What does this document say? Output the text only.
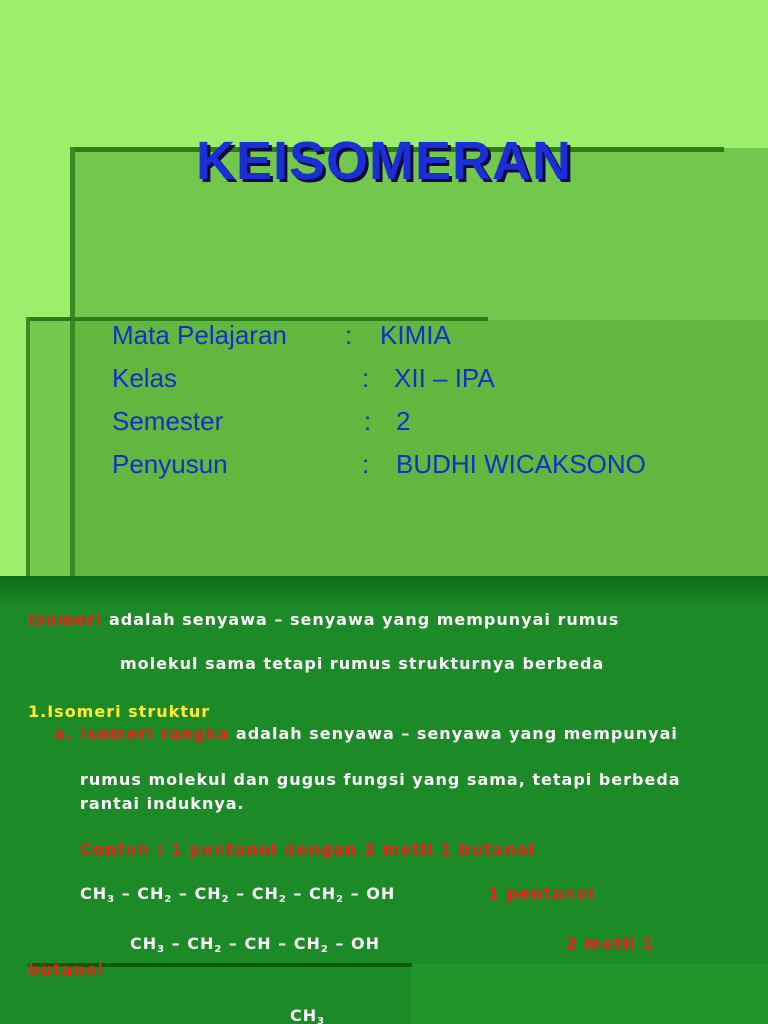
KEISOMERAN
Mata Pelajaran : KIMIA
Kelas	: XII – IPA
Semester	: 2
Penyusun	: BUDHI WICAKSONO
Isomeri adalah senyawa – senyawa yang mempunyai rumus
molekul sama tetapi rumus strukturnya berbeda
1.Isomeri struktur
a. Isomeri rangka adalah senyawa – senyawa yang mempunyai
rumus molekul dan gugus fungsi yang sama, tetapi berbeda
rantai induknya.
Contoh : 1 pentanol dengan 2 metil 1 butanol
$CH_3 - CH_2 - CH_2 - CH_2 - CH_2$ – OH	1 pentanol
$CH_3 - CH_2$ – CH – $CH_2$ – OH	2 metil 1
butanol
$CH_3$
